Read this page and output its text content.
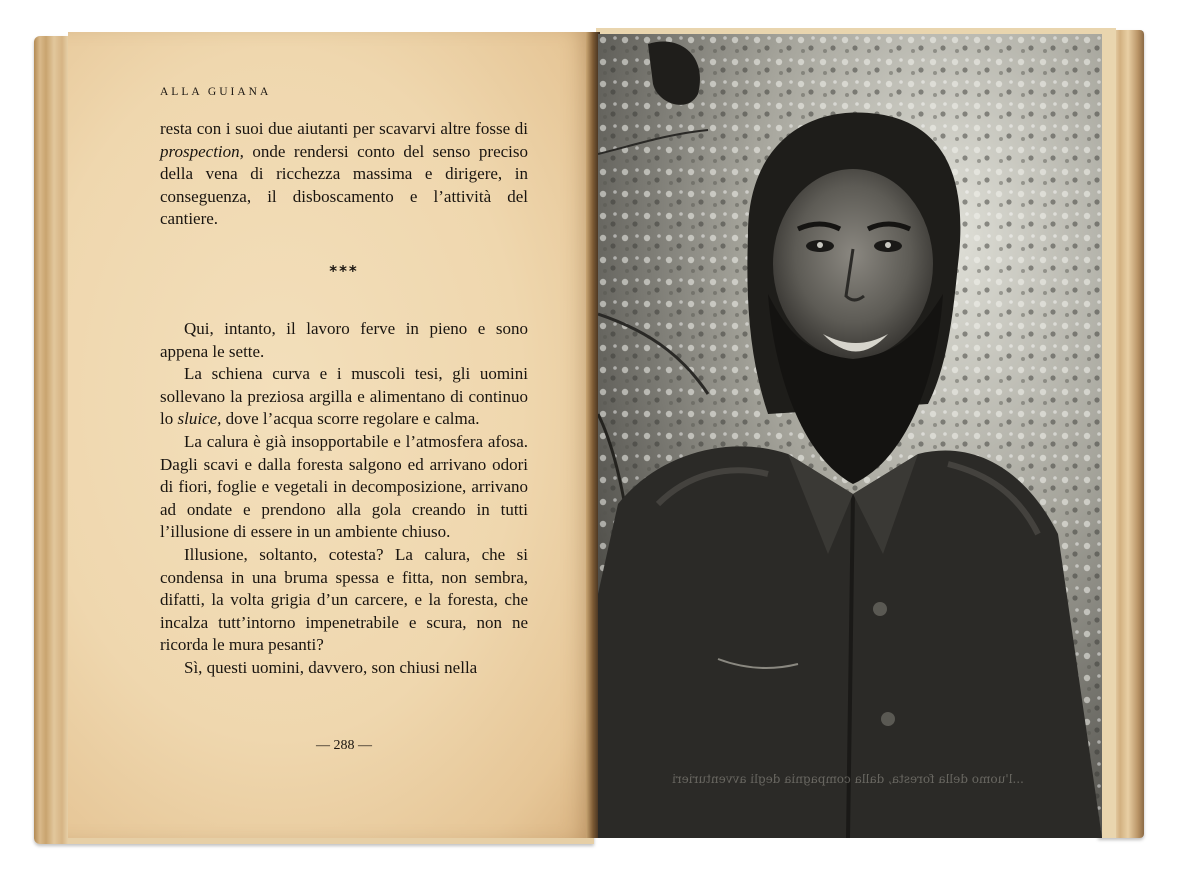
ALLA GUIANA

resta con i suoi due aiutanti per scavarvi altre fosse di prospection, onde rendersi conto del senso preciso della vena di ricchezza massima e dirigere, in conseguenza, il disboscamento e l’attività del cantiere.

***

Qui, intanto, il lavoro ferve in pieno e sono appena le sette.

La schiena curva e i muscoli tesi, gli uomini sollevano la preziosa argilla e alimentano di continuo lo sluice, dove l’acqua scorre regolare e calma.

La calura è già insopportabile e l’atmosfera afosa. Dagli scavi e dalla foresta salgono ed arrivano odori di fiori, foglie e vegetali in decomposizione, arrivano ad ondate e prendono alla gola creando in tutti l’illusione di essere in un ambiente chiuso.

Illusione, soltanto, cotesta? La calura, che si condensa in una bruma spessa e fitta, non sembra, difatti, la volta grigia d’un carcere, e la foresta, che incalza tutt’intorno impenetrabile e scura, non ne ricorda le mura pesanti?

Sì, questi uomini, davvero, son chiusi nella

— 288 —
...l'uomo della foresta, dalla compagnia degli avventurieri
